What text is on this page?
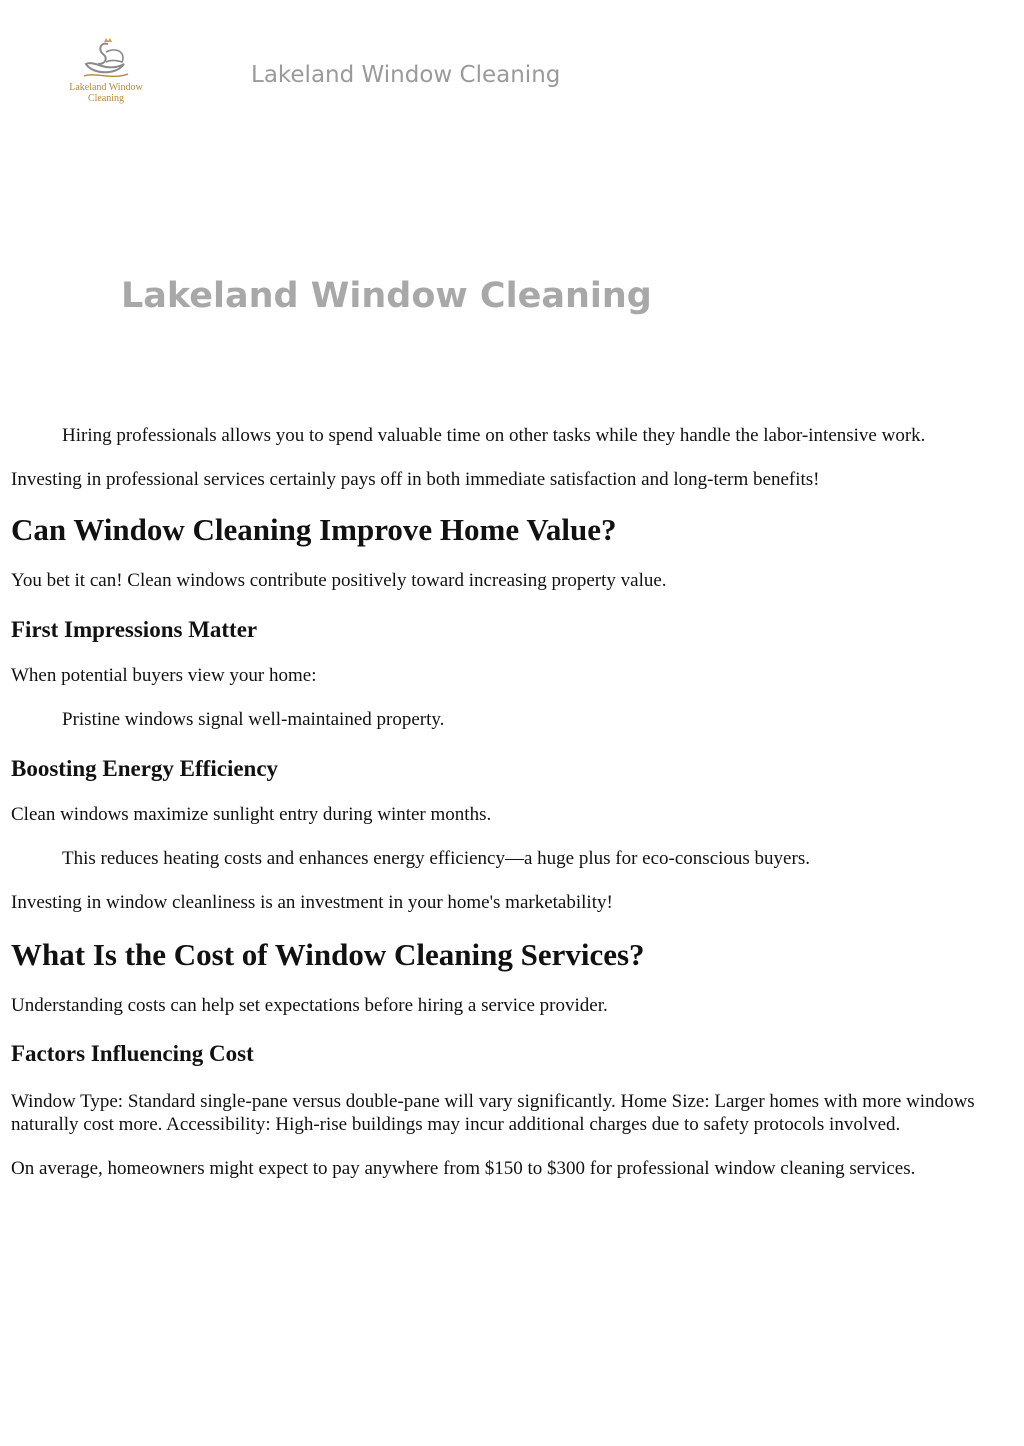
Lakeland Window
Cleaning
Lakeland Window Cleaning
Lakeland Window Cleaning

Hiring professionals allows you to spend valuable time on other tasks while they handle the labor-intensive work.

Investing in professional services certainly pays off in both immediate satisfaction and long-term benefits!

Can Window Cleaning Improve Home Value?

You bet it can! Clean windows contribute positively toward increasing property value.

First Impressions Matter

When potential buyers view your home:

Pristine windows signal well-maintained property.

Boosting Energy Efficiency

Clean windows maximize sunlight entry during winter months.

This reduces heating costs and enhances energy efficiency—a huge plus for eco-conscious buyers.

Investing in window cleanliness is an investment in your home's marketability!

What Is the Cost of Window Cleaning Services?

Understanding costs can help set expectations before hiring a service provider.

Factors Influencing Cost

Window Type: Standard single-pane versus double-pane will vary significantly. Home Size: Larger homes with more windows naturally cost more. Accessibility: High-rise buildings may incur additional charges due to safety protocols involved.

On average, homeowners might expect to pay anywhere from $150 to $300 for professional window cleaning services.
